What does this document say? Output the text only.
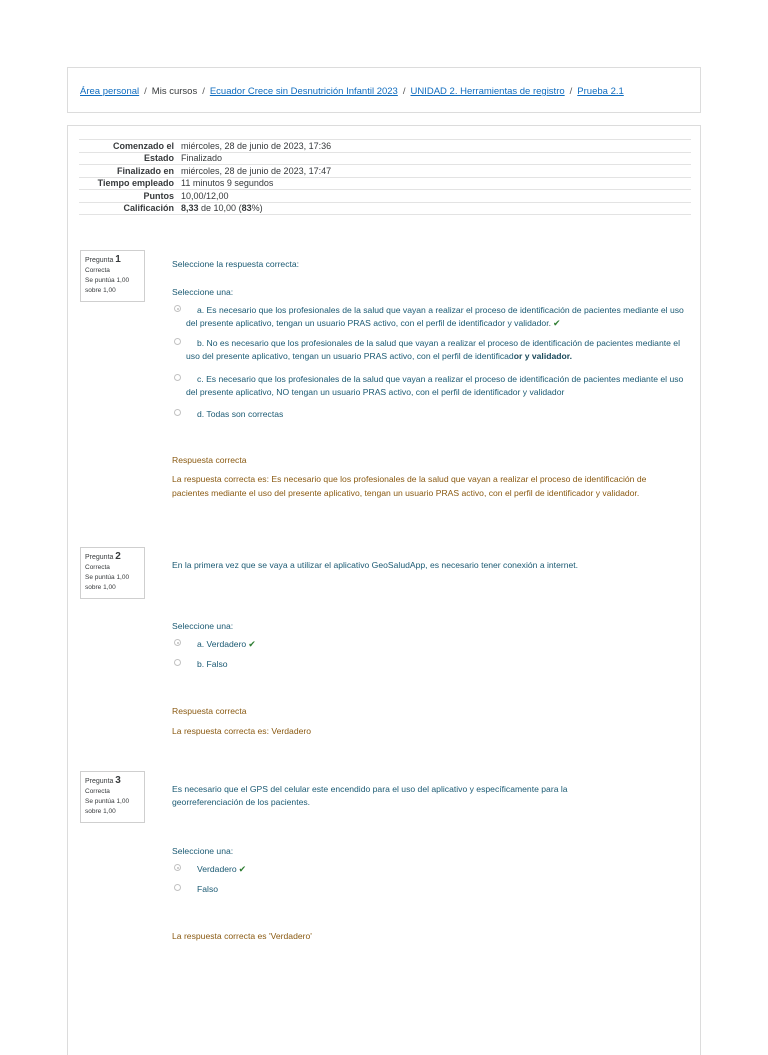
Área personal / Mis cursos / Ecuador Crece sin Desnutrición Infantil 2023 / UNIDAD 2. Herramientas de registro / Prueba 2.1
Comenzado el	miércoles, 28 de junio de 2023, 17:36
Estado	Finalizado
Finalizado en	miércoles, 28 de junio de 2023, 17:47
Tiempo empleado	11 minutos 9 segundos
Puntos	10,00/12,00
Calificación	8,33 de 10,00 (83%)
Pregunta 1
Correcta
Se puntúa 1,00
sobre 1,00
Seleccione la respuesta correcta:
Seleccione una:
a. Es necesario que los profesionales de la salud que vayan a realizar el proceso de identificación de pacientes mediante el uso del presente aplicativo, tengan un usuario PRAS activo, con el perfil de identificador y validador. ✔
b. No es necesario que los profesionales de la salud que vayan a realizar el proceso de identificación de pacientes mediante el uso del presente aplicativo, tengan un usuario PRAS activo, con el perfil de identificador y validador.
c. Es necesario que los profesionales de la salud que vayan a realizar el proceso de identificación de pacientes mediante el uso del presente aplicativo, NO tengan un usuario PRAS activo, con el perfil de identificador y validador
d. Todas son correctas
Respuesta correcta
La respuesta correcta es: Es necesario que los profesionales de la salud que vayan a realizar el proceso de identificación de pacientes mediante el uso del presente aplicativo, tengan un usuario PRAS activo, con el perfil de identificador y validador.
Pregunta 2
Correcta
Se puntúa 1,00
sobre 1,00
En la primera vez que se vaya a utilizar el aplicativo GeoSaludApp, es necesario tener conexión a internet.
Seleccione una:
a. Verdadero ✔
b. Falso
Respuesta correcta
La respuesta correcta es: Verdadero
Pregunta 3
Correcta
Se puntúa 1,00
sobre 1,00
Es necesario que el GPS del celular este encendido para el uso del aplicativo y específicamente para la georreferenciación de los pacientes.
Seleccione una:
Verdadero ✔
Falso
La respuesta correcta es 'Verdadero'
